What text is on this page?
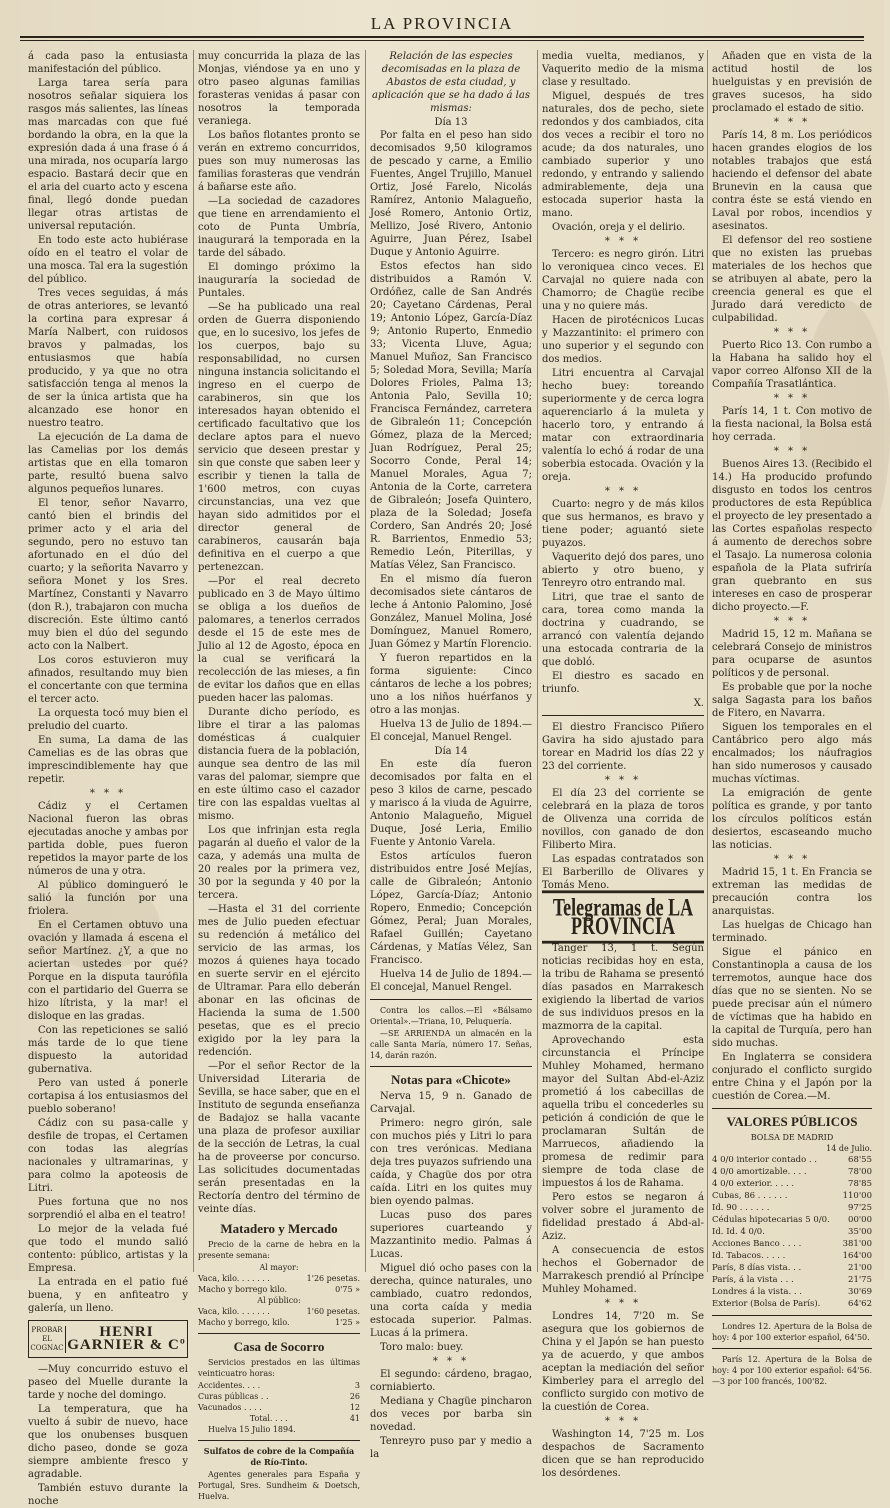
LA PROVINCIA

á cada paso la entusiasta manifestación del público.

Larga tarea sería para nosotros señalar siquiera los rasgos más salientes, las líneas mas marcadas con que fué bordando la obra, en la que la expresión dada á una frase ó á una mirada, nos ocuparía largo espacio. Bastará decir que en el aria del cuarto acto y escena final, llegó donde puedan llegar otras artistas de universal reputación.

En todo este acto hubiérase oído en el teatro el volar de una mosca. Tal era la sugestión del público.

Tres veces seguidas, á más de otras anteriores, se levantó la cortina para expresar á María Nalbert, con ruidosos bravos y palmadas, los entusiasmos que había producido, y ya que no otra satisfacción tenga al menos la de ser la única artista que ha alcanzado ese honor en nuestro teatro.

La ejecución de La dama de las Camelias por los demás artistas que en ella tomaron parte, resultó buena salvo algunos pequeños lunares.

El tenor, señor Navarro, cantó bien el brindis del primer acto y el aria del segundo, pero no estuvo tan afortunado en el dúo del cuarto; y la señorita Navarro y señora Monet y los Sres. Martínez, Constanti y Navarro (don R.), trabajaron con mucha discreción. Este último cantó muy bien el dúo del segundo acto con la Nalbert.

Los coros estuvieron muy afinados, resultando muy bien el concertante con que termina el tercer acto.

La orquesta tocó muy bien el preludio del cuarto.

En suma, La dama de las Camelias es de las obras que imprescindiblemente hay que repetir.

* * *

Cádiz y el Certamen Nacional fueron las obras ejecutadas anoche y ambas por partida doble, pues fueron repetidos la mayor parte de los números de una y otra.

Al público domingueró le salió la función por una friolera.

En el Certamen obtuvo una ovación y llamada á escena el señor Martínez. ¿Y, a que no aciertan ustedes por qué? Porque en la disputa taurófila con el partidario del Guerra se hizo lítrista, y la mar! el disloque en las gradas.

Con las repeticiones se salió más tarde de lo que tiene dispuesto la autoridad gubernativa.

Pero van usted á ponerle cortapisa á los entusiasmos del pueblo soberano!

Cádiz con su pasa-calle y desfile de tropas, el Certamen con todas las alegrías nacionales y ultramarinas, y para colmo la apoteosis de Litri.

Pues fortuna que no nos sorprendió el alba en el teatro!

Lo mejor de la velada fué que todo el mundo salió contento: público, artistas y la Empresa.

La entrada en el patio fué buena, y en anfiteatro y galería, un lleno.

PROBAR EL COGNAC
HENRI GARNIER & Cº

—Muy concurrido estuvo el paseo del Muelle durante la tarde y noche del domingo.

La temperatura, que ha vuelto á subir de nuevo, hace que los onubenses busquen dicho paseo, donde se goza siempre ambiente fresco y agradable.

También estuvo durante la noche

muy concurrida la plaza de las Monjas, viéndose ya en uno y otro paseo algunas familias forasteras venidas á pasar con nosotros la temporada veraniega.

Los baños flotantes pronto se verán en extremo concurridos, pues son muy numerosas las familias forasteras que vendrán á bañarse este año.

—La sociedad de cazadores que tiene en arrendamiento el coto de Punta Umbría, inaugurará la temporada en la tarde del sábado.

El domingo próximo la inauguraría la sociedad de Puntales.

—Se ha publicado una real orden de Guerra disponiendo que, en lo sucesivo, los jefes de los cuerpos, bajo su responsabilidad, no cursen ninguna instancia solicitando el ingreso en el cuerpo de carabineros, sin que los interesados hayan obtenido el certificado facultativo que los declare aptos para el nuevo servicio que deseen prestar y sin que conste que saben leer y escribir y tienen la talla de 1'600 metros, con cuyas circunstancias, una vez que hayan sido admitidos por el director general de carabineros, causarán baja definitiva en el cuerpo a que pertenezcan.

—Por el real decreto publicado en 3 de Mayo último se obliga a los dueños de palomares, a tenerlos cerrados desde el 15 de este mes de Julio al 12 de Agosto, época en la cual se verificará la recolección de las mieses, a fin de evitar los daños que en ellas pueden hacer las palomas.

Durante dicho período, es libre el tirar a las palomas domésticas á cualquier distancia fuera de la población, aunque sea dentro de las mil varas del palomar, siempre que en este último caso el cazador tire con las espaldas vueltas al mismo.

Los que infrinjan esta regla pagarán al dueño el valor de la caza, y además una multa de 20 reales por la primera vez, 30 por la segunda y 40 por la tercera.

—Hasta el 31 del corriente mes de Julio pueden efectuar su redención á metálico del servicio de las armas, los mozos á quienes haya tocado en suerte servir en el ejército de Ultramar. Para ello deberán abonar en las oficinas de Hacienda la suma de 1.500 pesetas, que es el precio exigido por la ley para la redención.

—Por el señor Rector de la Universidad Literaria de Sevilla, se hace saber, que en el Instituto de segunda enseñanza de Badajoz se halla vacante una plaza de profesor auxiliar de la sección de Letras, la cual ha de proveerse por concurso. Las solicitudes documentadas serán presentadas en la Rectoría dentro del término de veinte días.

Matadero y Mercado

Precio de la carne de hebra en la presente semana:

Al mayor:
Vaca, kilo. . . . . . .	1'26 pesetas.
Macho y borrego kilo.	0'75 »
Al público:
Vaca, kilo. . . . . . .	1'60 pesetas.
Macho y borrego, kilo.	1'25 »
Casa de Socorro

Servicios prestados en las últimas veinticuatro horas:

Accidentes. . . .	3
Curas públicas . .	26
Vacunados . . . .	12
Total. . . .	41

Huelva 15 Julio 1894.

Sulfatos de cobre de la Compañía de Río-Tinto.

Agentes generales para España y Portugal, Sres. Sundheim & Doetsch, Huelva.

Relación de las especies decomisadas en la plaza de Abastos de esta ciudad, y aplicación que se ha dado á las mismas:

Día 13

Por falta en el peso han sido decomisados 9,50 kilogramos de pescado y carne, a Emilio Fuentes, Angel Trujillo, Manuel Ortiz, José Farelo, Nicolás Ramírez, Antonio Malagueño, José Romero, Antonio Ortiz, Mellizo, José Rivero, Antonio Aguirre, Juan Pérez, Isabel Duque y Antonio Aguirre.

Estos efectos han sido distribuidos a Ramón V. Ordóñez, calle de San Andrés 20; Cayetano Cárdenas, Peral 19; Antonio López, García-Díaz 9; Antonio Ruperto, Enmedio 33; Vicenta Lluve, Agua; Manuel Muñoz, San Francisco 5; Soledad Mora, Sevilla; María Dolores Frioles, Palma 13; Antonia Palo, Sevilla 10; Francisca Fernández, carretera de Gibraleón 11; Concepción Gómez, plaza de la Merced; Juan Rodríguez, Peral 25; Socorro Conde, Peral 14; Manuel Morales, Agua 7; Antonia de la Corte, carretera de Gibraleón; Josefa Quintero, plaza de la Soledad; Josefa Cordero, San Andrés 20; José R. Barrientos, Enmedio 53; Remedio León, Piterillas, y Matías Vélez, San Francisco.

En el mismo día fueron decomisados siete cántaros de leche á Antonio Palomino, José González, Manuel Molina, José Domínguez, Manuel Romero, Juan Gómez y Martín Florencio.

Y fueron repartidos en la forma siguiente: Cinco cántaros de leche a los pobres; uno a los niños huérfanos y otro a las monjas.

Huelva 13 de Julio de 1894.—El concejal, Manuel Rengel.

Día 14

En este día fueron decomisados por falta en el peso 3 kilos de carne, pescado y marisco á la viuda de Aguirre, Antonio Malagueño, Miguel Duque, José Leria, Emilio Fuente y Antonio Varela.

Estos artículos fueron distribuidos entre José Mejías, calle de Gibraleón; Antonio López, García-Díaz; Antonio Ropero, Enmedio; Concepción Gómez, Peral; Juan Morales, Rafael Guillén; Cayetano Cárdenas, y Matías Vélez, San Francisco.

Huelva 14 de Julio de 1894.—El concejal, Manuel Rengel.

Contra los callos.—El «Bálsamo Oriental».—Triana, 10, Peluquería.

—SE ARRIENDA un almacén en la calle Santa María, número 17. Señas, 14, darán razón.

Notas para «Chicote»

Nerva 15, 9 n. Ganado de Carvajal.

Primero: negro girón, sale con muchos piés y Litri lo para con tres verónicas. Mediana deja tres puyazos sufriendo una caída, y Chagüe dos por otra caída. Litri en los quites muy bien oyendo palmas.

Lucas puso dos pares superiores cuarteando y Mazzantinito medio. Palmas á Lucas.

Miguel dió ocho pases con la derecha, quince naturales, uno cambiado, cuatro redondos, una corta caída y media estocada superior. Palmas. Lucas á la primera.

Toro malo: buey.

* * *

El segundo: cárdeno, bragao, corniabierto.

Mediana y Chagüe pincharon dos veces por barba sin novedad.

Tenreyro puso par y medio a la

media vuelta, medianos, y Vaquerito medio de la misma clase y resultado.

Miguel, después de tres naturales, dos de pecho, siete redondos y dos cambiados, cita dos veces a recibir el toro no acude; da dos naturales, uno cambiado superior y uno redondo, y entrando y saliendo admirablemente, deja una estocada superior hasta la mano.

Ovación, oreja y el delirio.

* * *

Tercero: es negro girón. Litri lo veroniquea cinco veces. El Carvajal no quiere nada con Chamorro; de Chagüe recibe una y no quiere más.

Hacen de pirotécnicos Lucas y Mazzantinito: el primero con uno superior y el segundo con dos medios.

Litri encuentra al Carvajal hecho buey: toreando superiormente y de cerca logra aquerenciarlo á la muleta y hacerlo toro, y entrando á matar con extraordinaria valentía lo echó á rodar de una soberbia estocada. Ovación y la oreja.

* * *

Cuarto: negro y de más kilos que sus hermanos, es bravo y tiene poder; aguantó siete puyazos.

Vaquerito dejó dos pares, uno abierto y otro bueno, y Tenreyro otro entrando mal.

Litri, que trae el santo de cara, torea como manda la doctrina y cuadrando, se arrancó con valentía dejando una estocada contraria de la que dobló.

El diestro es sacado en triunfo.

X.

El diestro Francisco Piñero Gavira ha sido ajustado para torear en Madrid los días 22 y 23 del corriente.

* * *

El día 23 del corriente se celebrará en la plaza de toros de Olivenza una corrida de novillos, con ganado de don Filiberto Mira.

Las espadas contratados son El Barberillo de Olivares y Tomás Meno.

Telegramas de LA PROVINCIA

Tanger 13, 1 t. Según noticias recibidas hoy en esta, la tribu de Rahama se presentó días pasados en Marrakesch exigiendo la libertad de varios de sus individuos presos en la mazmorra de la capital.

Aprovechando esta circunstancia el Príncipe Muhley Mohamed, hermano mayor del Sultan Abd-el-Aziz prometió á los cabecillas de aquella tribu el concederles su petición á condición de que le proclamaran Sultán de Marruecos, añadiendo la promesa de redimir para siempre de toda clase de impuestos á los de Rahama.

Pero estos se negaron á volver sobre el juramento de fidelidad prestado á Abd-al-Aziz.

A consecuencia de estos hechos el Gobernador de Marrakesch prendió al Príncipe Muhley Mohamed.

* * *

Londres 14, 7'20 m. Se asegura que los gobiernos de China y el Japón se han puesto ya de acuerdo, y que ambos aceptan la mediación del señor Kimberley para el arreglo del conflicto surgido con motivo de la cuestión de Corea.

* * *

Washington 14, 7'25 m. Los despachos de Sacramento dicen que se han reproducido los desórdenes.

Añaden que en vista de la actitud hostil de los huelguistas y en previsión de graves sucesos, ha sido proclamado el estado de sitio.

* * *

París 14, 8 m. Los periódicos hacen grandes elogios de los notables trabajos que está haciendo el defensor del abate Brunevin en la causa que contra éste se está viendo en Laval por robos, incendios y asesinatos.

El defensor del reo sostiene que no existen las pruebas materiales de los hechos que se atribuyen al abate, pero la creencia general es que el Jurado dará veredicto de culpabilidad.

* * *

Puerto Rico 13. Con rumbo a la Habana ha salido hoy el vapor correo Alfonso XII de la Compañía Trasatlántica.

* * *

París 14, 1 t. Con motivo de la fiesta nacional, la Bolsa está hoy cerrada.

* * *

Buenos Aires 13. (Recibido el 14.) Ha producido profundo disgusto en todos los centros productores de esta República el proyecto de ley presentado a las Cortes españolas respecto á aumento de derechos sobre el Tasajo. La numerosa colonia española de la Plata sufriría gran quebranto en sus intereses en caso de prosperar dicho proyecto.—F.

* * *

Madrid 15, 12 m. Mañana se celebrará Consejo de ministros para ocuparse de asuntos políticos y de personal.

Es probable que por la noche salga Sagasta para los baños de Fitero, en Navarra.

Siguen los temporales en el Cantábrico pero algo más encalmados; los náufragios han sido numerosos y causado muchas víctimas.

La emigración de gente política es grande, y por tanto los círculos políticos están desiertos, escaseando mucho las noticias.

* * *

Madrid 15, 1 t. En Francia se extreman las medidas de precaución contra los anarquistas.

Las huelgas de Chicago han terminado.

Sigue el pánico en Constantinopla a causa de los terremotos, aunque hace dos días que no se sienten. No se puede precisar aún el número de víctimas que ha habido en la capital de Turquía, pero han sido muchas.

En Inglaterra se considera conjurado el conflicto surgido entre China y el Japón por la cuestión de Corea.—M.

VALORES PÚBLICOS
BOLSA DE MADRID
14 de Julio.
4 0/0 interior contado . .	68'55
4 0/0 amortizable. . . .	78'00
4 0/0 exterior. . . . .	78'85
Cubas, 86 . . . . . .	110'00
Id. 90 . . . . . .	97'25
Cédulas hipotecarias 5 0/0.	00'00
Id. Id. 4 0/0.	35'00
Acciones Banco . . . .	381'00
Id. Tabacos. . . . .	164'00
París, 8 días vista. . .	21'00
París, á la vista . . .	21'75
Londres á la vista. . .	30'69
Exterior (Bolsa de París).	64'62

Londres 12. Apertura de la Bolsa de hoy: 4 por 100 exterior español, 64'50.

París 12. Apertura de la Bolsa de hoy: 4 por 100 exterior español: 64'56.—3 por 100 francés, 100'82.
